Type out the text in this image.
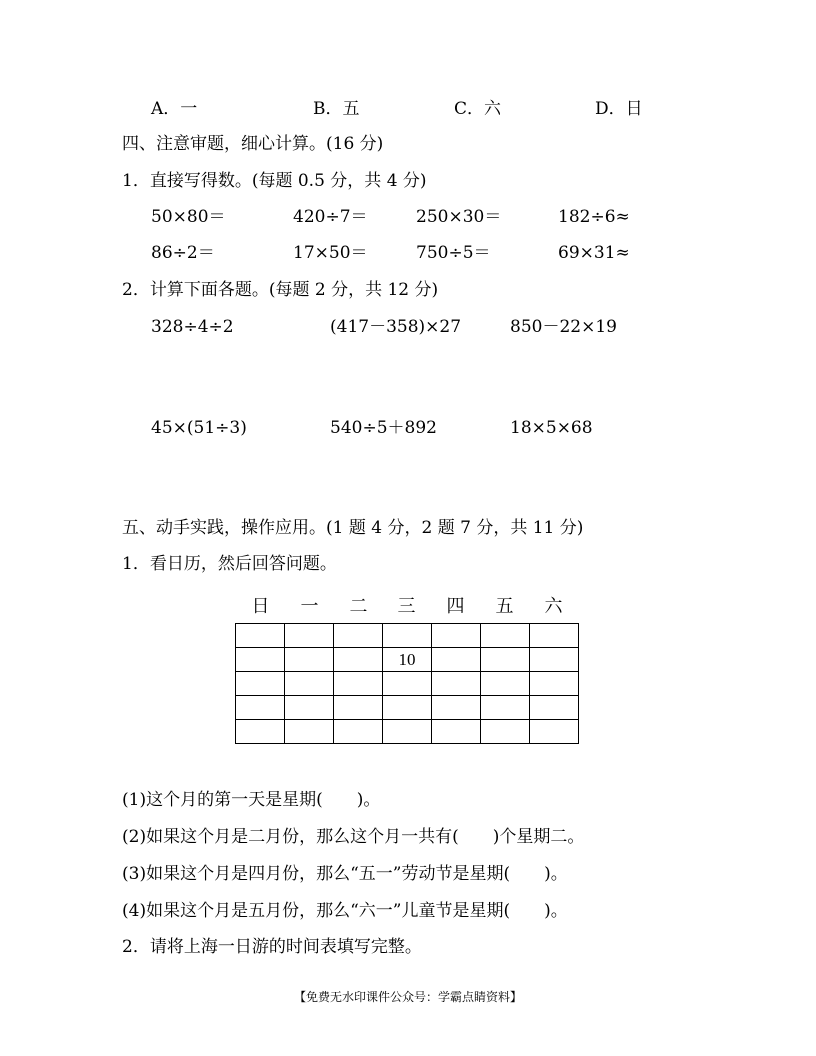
A．一	B．五	C．六	D．日
四、注意审题，细心计算。(16 分)
1．直接写得数。(每题 0.5 分，共 4 分)
50×80＝	420÷7＝	250×30＝	182÷6≈
86÷2＝	17×50＝	750÷5＝	69×31≈
2．计算下面各题。(每题 2 分，共 12 分)
328÷4÷2	(417－358)×27	850－22×19
45×(51÷3)	540÷5＋892	18×5×68
五、动手实践，操作应用。(1 题 4 分，2 题 7 分，共 11 分)
1．看日历，然后回答问题。
日	一	二	三	四	五	六

			10			

(1)这个月的第一天是星期(　　)。
(2)如果这个月是二月份，那么这个月一共有(　　)个星期二。
(3)如果这个月是四月份，那么“五一”劳动节是星期(　　)。
(4)如果这个月是五月份，那么“六一”儿童节是星期(　　)。
2．请将上海一日游的时间表填写完整。
【免费无水印课件公众号：学霸点睛资料】
